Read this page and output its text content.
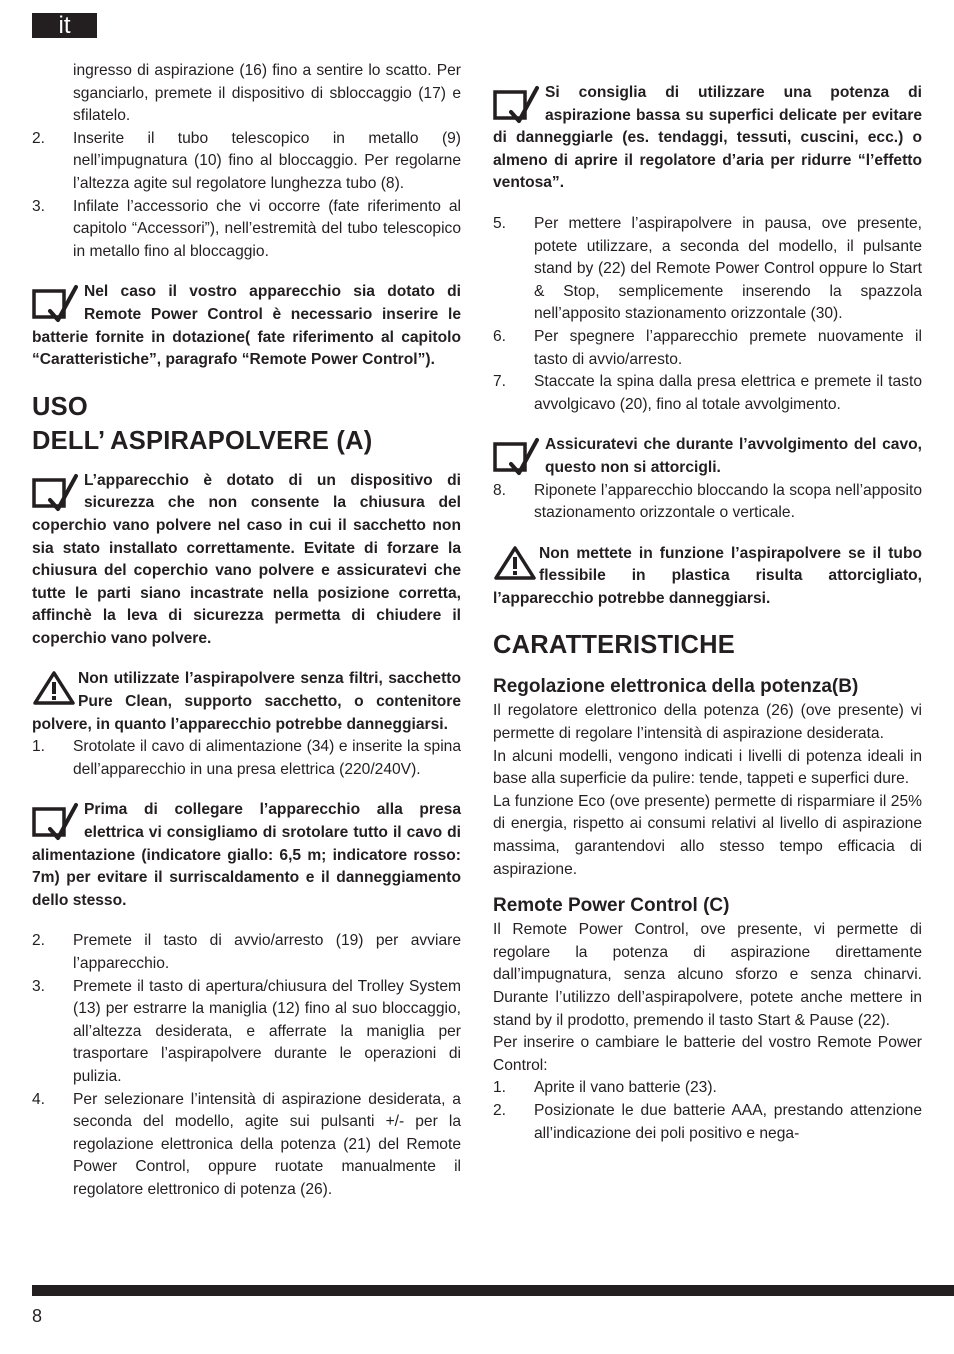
it
ingresso di aspirazione (16) fino a sentire lo scatto. Per sganciarlo, premete il dispositivo di sbloccaggio (17) e sfilatelo.
2. Inserite il tubo telescopico in metallo (9) nell’impugnatura (10) fino al bloccaggio. Per regolarne l’altezza agite sul regolatore lunghezza tubo (8).
3. Infilate l’accessorio che vi occorre (fate riferimento al capitolo “Accessori”), nell’estremità del tubo telescopico in metallo fino al bloccaggio.
Nel caso il vostro apparecchio sia dotato di Remote Power Control è necessario inserire le batterie fornite in dotazione( fate riferimento al capitolo “Caratteristiche”, paragrafo “Remote Power Control”).
USO
DELL’ ASPIRAPOLVERE (A)
L’apparecchio è dotato di un dispositivo di sicurezza che non consente la chiusura del coperchio vano polvere nel caso in cui il sacchetto non sia stato installato correttamente. Evitate di forzare la chiusura del coperchio vano polvere e assicuratevi che tutte le parti siano incastrate nella posizione corretta, affinchè la leva di sicurezza permetta di chiudere il coperchio vano polvere.
Non utilizzate l’aspirapolvere senza filtri, sacchetto Pure Clean, supporto sacchetto, o contenitore polvere, in quanto l’apparecchio potrebbe danneggiarsi.
1. Srotolate il cavo di alimentazione (34) e inserite la spina dell’apparecchio in una presa elettrica (220/240V).
Prima di collegare l’apparecchio alla presa elettrica vi consigliamo di srotolare tutto il cavo di alimentazione (indicatore giallo: 6,5 m; indicatore rosso: 7m) per evitare il surriscaldamento e il danneggiamento dello stesso.
2. Premete il tasto di avvio/arresto (19) per avviare l’apparecchio.
3. Premete il tasto di apertura/chiusura del Trolley System (13) per estrarre la maniglia (12) fino al suo bloccaggio, all’altezza desiderata, e afferrate la maniglia per trasportare l’aspirapolvere durante le operazioni di pulizia.
4. Per selezionare l’intensità di aspirazione desiderata, a seconda del modello, agite sui pulsanti +/- per la regolazione elettronica della potenza (21) del Remote Power Control, oppure ruotate manualmente il regolatore elettronico di potenza (26).
Si consiglia di utilizzare una potenza di aspirazione bassa su superfici delicate per evitare di danneggiarle (es. tendaggi, tessuti, cuscini, ecc.) o almeno di aprire il regolatore d’aria per ridurre “l’effetto ventosa”.
5. Per mettere l’aspirapolvere in pausa, ove presente, potete utilizzare, a seconda del modello, il pulsante stand by (22) del Remote Power Control oppure lo Start & Stop, semplicemente inserendo la spazzola nell’apposito stazionamento orizzontale (30).
6. Per spegnere l’apparecchio premete nuovamente il tasto di avvio/arresto.
7. Staccate la spina dalla presa elettrica e premete il tasto avvolgicavo (20), fino al totale avvolgimento.
Assicuratevi che durante l’avvolgimento del cavo, questo non si attorcigli.
8. Riponete l’apparecchio bloccando la scopa nell’apposito stazionamento orizzontale o verticale.
Non mettete in funzione l’aspirapolvere se il tubo flessibile in plastica risulta attorcigliato, l’apparecchio potrebbe danneggiarsi.
CARATTERISTICHE
Regolazione elettronica della potenza(B)
Il regolatore elettronico della potenza (26) (ove presente) vi permette di regolare l’intensità di aspirazione desiderata.
In alcuni modelli, vengono indicati i livelli di potenza ideali in base alla superficie da pulire: tende, tappeti e superfici dure.
La funzione Eco (ove presente) permette di risparmiare il 25% di energia, rispetto ai consumi relativi al livello di aspirazione massima, garantendovi allo stesso tempo efficacia di aspirazione.
Remote Power Control (C)
Il Remote Power Control, ove presente, vi permette di regolare la potenza di aspirazione direttamente dall’impugnatura, senza alcuno sforzo e senza chinarvi. Durante l’utilizzo dell’aspirapolvere, potete anche mettere in stand by il prodotto, premendo il tasto Start & Pause (22).
Per inserire o cambiare le batterie del vostro Remote Power Control:
1. Aprite il vano batterie (23).
2. Posizionate le due batterie AAA, prestando attenzione all’indicazione dei poli positivo e nega-
8
